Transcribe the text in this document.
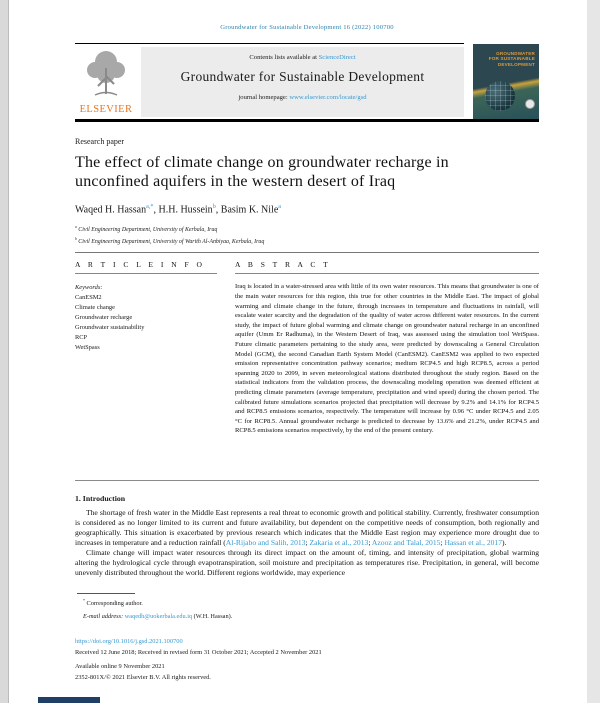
Groundwater for Sustainable Development 16 (2022) 100700
ELSEVIER
Contents lists available at ScienceDirect
Groundwater for Sustainable Development
journal homepage: www.elsevier.com/locate/gsd
GROUNDWATER
FOR SUSTAINABLE
DEVELOPMENT
Research paper
The effect of climate change on groundwater recharge in unconfined aquifers in the western desert of Iraq
Waqed H. Hassan$^{a,*}$, H.H. Hussein$^b$, Basim K. Nile$^a$
$^a$ Civil Engineering Department, University of Kerbala, Iraq
$^b$ Civil Engineering Department, University of Warith Al-Anbiyaa, Kerbala, Iraq
A R T I C L E I N F O
Keywords:
CanESM2
Climate change
Groundwater recharge
Groundwater sustainability
RCP
WetSpass
A B S T R A C T
Iraq is located in a water-stressed area with little of its own water resources. This means that groundwater is one of the main water resources for this region, this true for other countries in the Middle East. The impact of global warming and climate change in the future, through increases in temperature and fluctuations in rainfall, will escalate water scarcity and the degradation of the quality of water across different water resources. In the current study, the impact of future global warming and climate change on groundwater natural recharge in an unconfined aquifer (Umm Er Radhuma), in the Western Desert of Iraq, was assessed using the simulation tool WetSpass. Future climatic parameters pertaining to the study area, were predicted by downscaling a General Circulation Model (GCM), the second Canadian Earth System Model (CanESM2). CanESM2 was applied to two expected emission representative concentration pathway scenarios; medium RCP4.5 and high RCP8.5, across a period spanning 2020 to 2099, in seven meteorological stations distributed throughout the study region. Based on the statistical indicators from the validation process, the downscaling modeling operation was deemed efficient at predicting climate parameters (average temperature, precipitation and wind speed) during the chosen period. The calibrated future simulations scenarios projected that precipitation will decrease by 9.2% and 14.1% for RCP4.5 and RCP8.5 emissions scenarios, respectively. The temperature will increase by 0.96 °C under RCP4.5 and 2.05 °C for RCP8.5. Annual groundwater recharge is predicted to decrease by 13.6% and 21.2%, under RCP4.5 and RCP8.5 emissions scenarios respectively, by the end of the present century.
1. Introduction
The shortage of fresh water in the Middle East represents a real threat to economic growth and political stability. Currently, freshwater consumption is considered as no longer limited to its current and future availability, but dependent on the competitive needs of consumption, both regionally and geographically. This situation is exacerbated by previous research which indicates that the Middle East region may experience more drought due to increases in temperature and a reduction rainfall (Al-Rijabo and Salih, 2013; Zakaria et al., 2013; Azooz and Talal, 2015; Hassan et al., 2017).
Climate change will impact water resources through its direct impact on the amount of, timing, and intensity of precipitation, global warming altering the hydrological cycle through evapotranspiration, soil moisture and precipitation as temperatures rise. Precipitation, in general, will become unevenly distributed throughout the world. Different regions worldwide, may experience
* Corresponding author.
E-mail address: waqedh@uokerbala.edu.iq (W.H. Hassan).
https://doi.org/10.1016/j.gsd.2021.100700
Received 12 June 2018; Received in revised form 31 October 2021; Accepted 2 November 2021
Available online 9 November 2021
2352-801X/© 2021 Elsevier B.V. All rights reserved.
